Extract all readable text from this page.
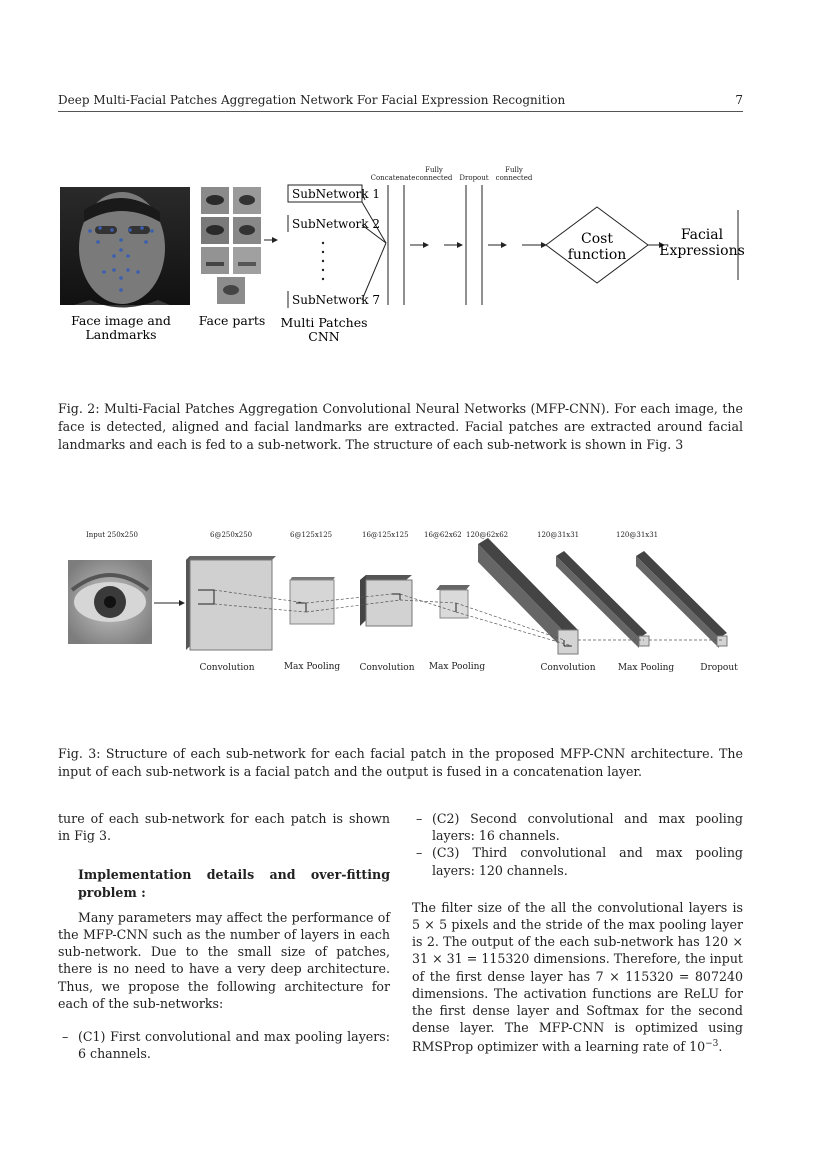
Deep Multi-Facial Patches Aggregation Network For Facial Expression Recognition	7
SubNetwork 1
SubNetwork 2
SubNetwork 7
Concatenate
Fully connected Dropout
Fully connected
Cost function
Facial Expressions
Face image and Landmarks
Face parts Multi Patches CNN
Fig. 2: Multi-Facial Patches Aggregation Convolutional Neural Networks (MFP-CNN). For each image, the face is detected, aligned and facial landmarks are extracted. Facial patches are extracted around facial landmarks and each is fed to a sub-network. The structure of each sub-network is shown in Fig. 3
Input 250x250	6@250x250	6@125x125	16@125x125 16@62x62 120@62x62	120@31x31	120@31x31
Convolution	Max Pooling Convolution Max Pooling	Convolution Max Pooling	Dropout
Fig. 3: Structure of each sub-network for each facial patch in the proposed MFP-CNN architecture. The input of each sub-network is a facial patch and the output is fused in a concatenation layer.

ture of each sub-network for each patch is shown in Fig 3.

Implementation details and over-fitting problem :

Many parameters may affect the performance of the MFP-CNN such as the number of layers in each sub-network. Due to the small size of patches, there is no need to have a very deep architecture. Thus, we propose the following architecture for each of the sub-networks:

– (C1) First convolutional and max pooling layers: 6 channels.
– (C2) Second convolutional and max pooling layers: 16 channels.
– (C3) Third convolutional and max pooling layers: 120 channels.

The filter size of the all the convolutional layers is 5 × 5 pixels and the stride of the max pooling layer is 2. The output of the each sub-network has 120 × 31 × 31 = 115320 dimensions. Therefore, the input of the first dense layer has 7 × 115320 = 807240 dimensions. The activation functions are ReLU for the first dense layer and Softmax for the second dense layer. The MFP-CNN is optimized using RMSProp optimizer with a learning rate of $10^{-3}$.
